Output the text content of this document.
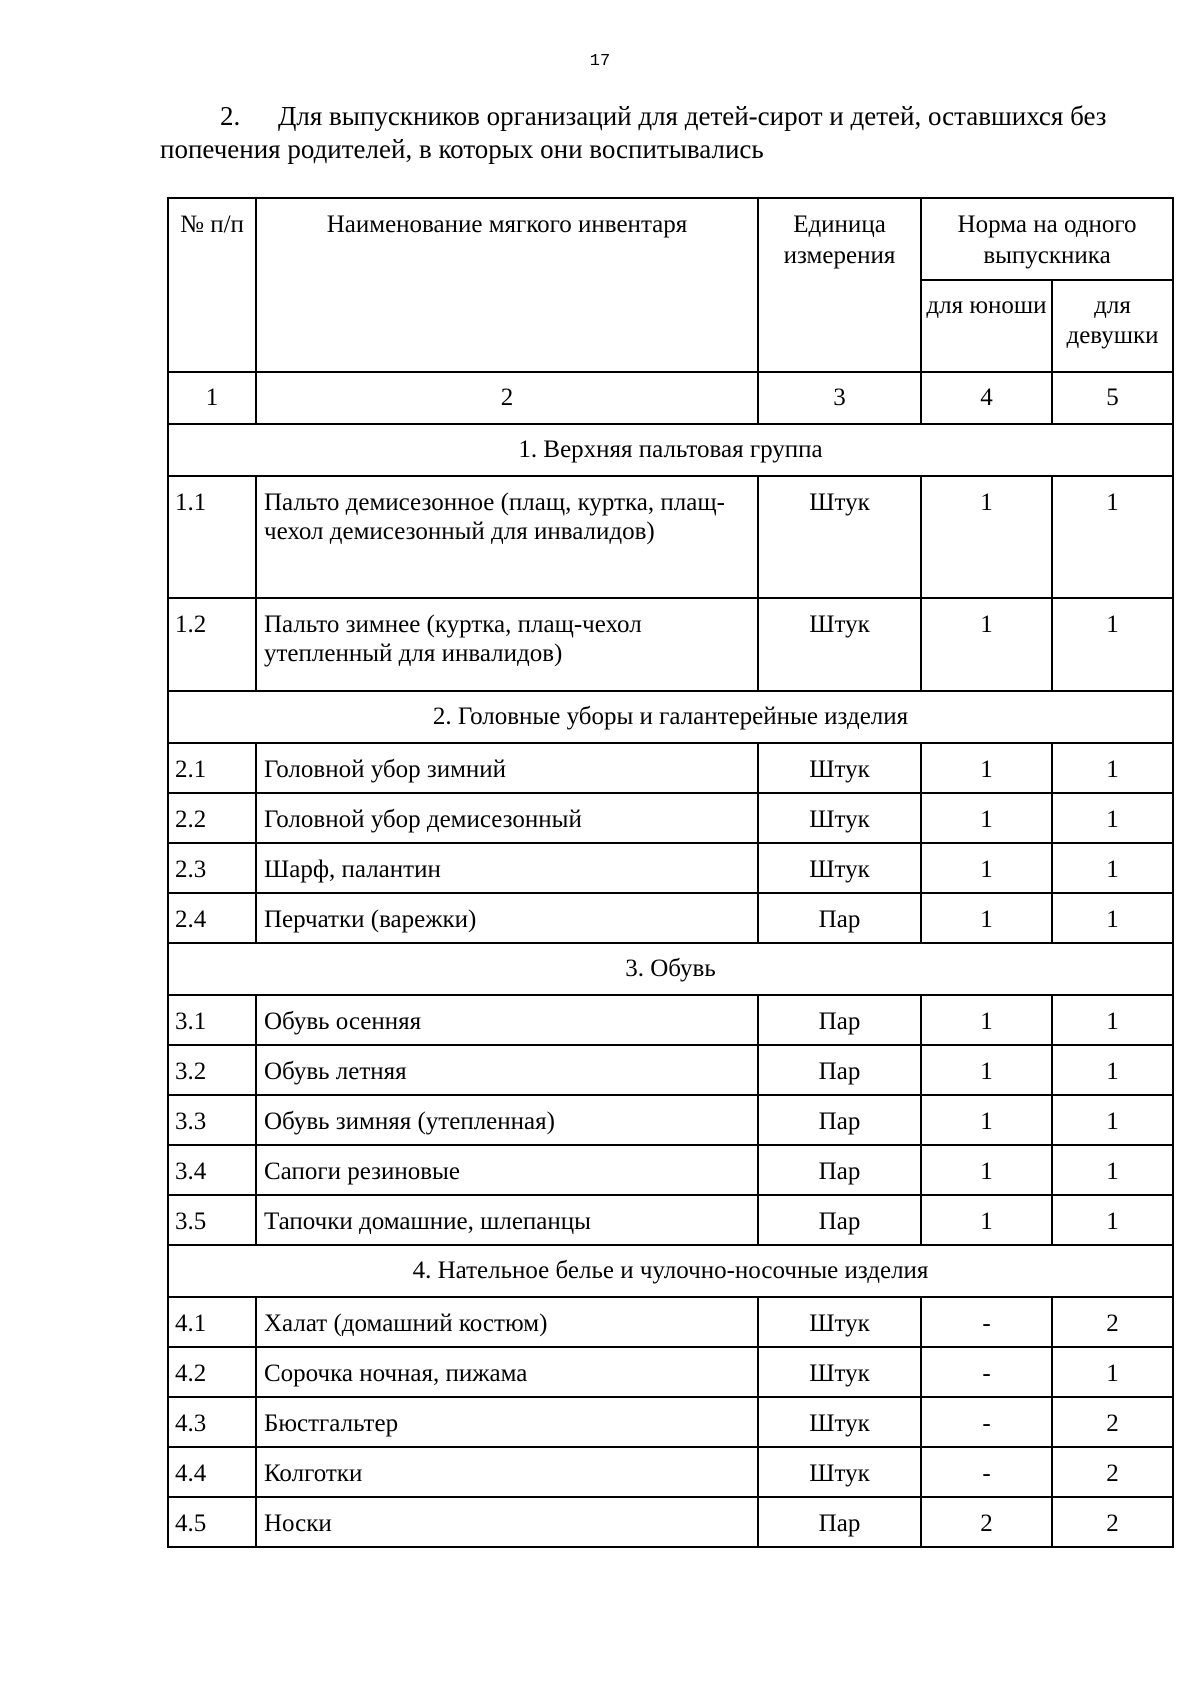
17
2. Для выпускников организаций для детей-сирот и детей, оставшихся без попечения родителей, в которых они воспитывались
№ п/п	Наименование мягкого инвентаря	Единица измерения	Норма на одного выпускника	
			для юноши	для девушки
1	2	3	4	5
1. Верхняя пальтовая группа				
1.1	Пальто демисезонное (плащ, куртка, плащ-чехол демисезонный для инвалидов)	Штук	1	1
1.2	Пальто зимнее (куртка, плащ-чехол утепленный для инвалидов)	Штук	1	1
2. Головные уборы и галантерейные изделия				
2.1	Головной убор зимний	Штук	1	1
2.2	Головной убор демисезонный	Штук	1	1
2.3	Шарф, палантин	Штук	1	1
2.4	Перчатки (варежки)	Пар	1	1
3. Обувь				
3.1	Обувь осенняя	Пар	1	1
3.2	Обувь летняя	Пар	1	1
3.3	Обувь зимняя (утепленная)	Пар	1	1
3.4	Сапоги резиновые	Пар	1	1
3.5	Тапочки домашние, шлепанцы	Пар	1	1
4. Нательное белье и чулочно-носочные изделия				
4.1	Халат (домашний костюм)	Штук	-	2
4.2	Сорочка ночная, пижама	Штук	-	1
4.3	Бюстгальтер	Штук	-	2
4.4	Колготки	Штук	-	2
4.5	Носки	Пар	2	2
